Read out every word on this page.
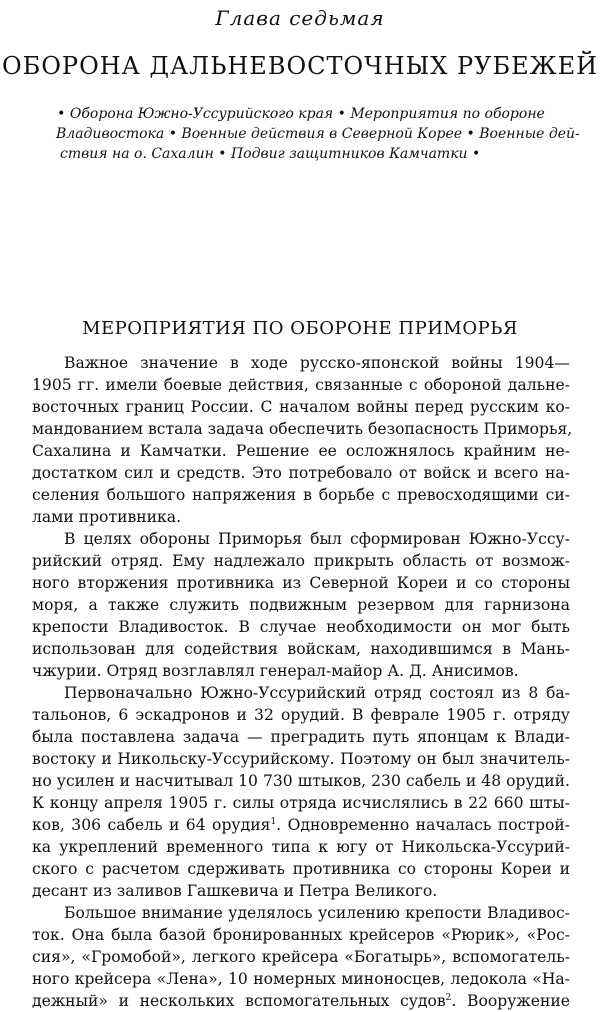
Глава седьмая
ОБОРОНА ДАЛЬНЕВОСТОЧНЫХ РУБЕЖЕЙ
• Оборона Южно-Уссурийского края • Мероприятия по обороне
Владивостока • Военные действия в Северной Корее • Военные дей-
ствия на о. Сахалин • Подвиг защитников Камчатки •
МЕРОПРИЯТИЯ ПО ОБОРОНЕ ПРИМОРЬЯ
Важное значение в ходе русско-японской войны 1904—
1905 гг. имели боевые действия, связанные с обороной дальне-
восточных границ России. С началом войны перед русским ко-
мандованием встала задача обеспечить безопасность Приморья,
Сахалина и Камчатки. Решение ее осложнялось крайним не-
достатком сил и средств. Это потребовало от войск и всего на-
селения большого напряжения в борьбе с превосходящими си-
лами противника.
В целях обороны Приморья был сформирован Южно-Уссу-
рийский отряд. Ему надлежало прикрыть область от возмож-
ного вторжения противника из Северной Кореи и со стороны
моря, а также служить подвижным резервом для гарнизона
крепости Владивосток. В случае необходимости он мог быть
использован для содействия войскам, находившимся в Мань-
чжурии. Отряд возглавлял генерал-майор А. Д. Анисимов.
Первоначально Южно-Уссурийский отряд состоял из 8 ба-
тальонов, 6 эскадронов и 32 орудий. В феврале 1905 г. отряду
была поставлена задача — преградить путь японцам к Влади-
востоку и Никольску-Уссурийскому. Поэтому он был значитель-
но усилен и насчитывал 10 730 штыков, 230 сабель и 48 орудий.
К концу апреля 1905 г. силы отряда исчислялись в 22 660 шты-
ков, 306 сабель и 64 орудия$^1$. Одновременно началась построй-
ка укреплений временного типа к югу от Никольска-Уссурий-
ского с расчетом сдерживать противника со стороны Кореи и
десант из заливов Гашкевича и Петра Великого.
Большое внимание уделялось усилению крепости Владивос-
ток. Она была базой бронированных крейсеров «Рюрик», «Рос-
сия», «Громобой», легкого крейсера «Богатырь», вспомогатель-
ного крейсера «Лена», 10 номерных миноносцев, ледокола «На-
дежный» и нескольких вспомогательных судов$^2$. Вооружение
